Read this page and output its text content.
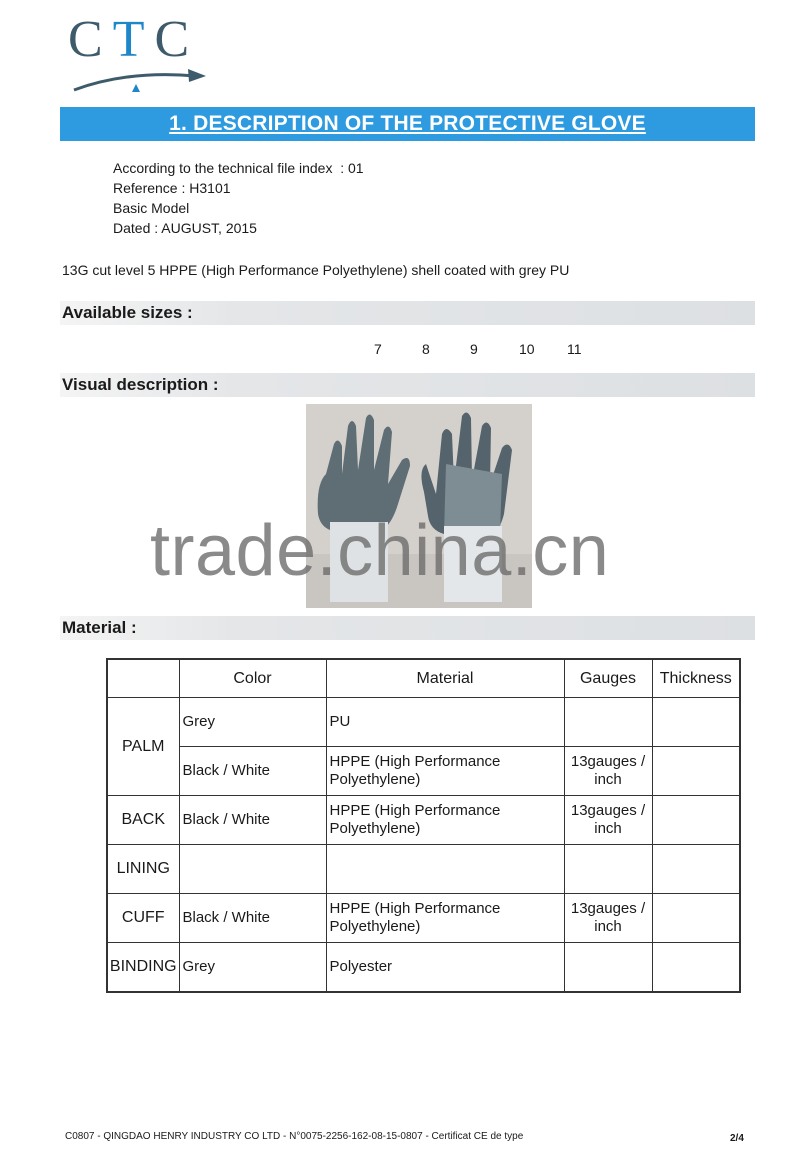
CTC
1. DESCRIPTION OF THE PROTECTIVE GLOVE
According to the technical file index  : 01
Reference : H3101
Basic Model
Dated : AUGUST, 2015
13G cut level 5 HPPE (High Performance Polyethylene) shell coated with grey PU
Available sizes :
7	8	9	10 11
Visual description :
trade.china.cn
Material :
	Color	Material	Gauges	Thickness
PALM	Grey	PU		
	Black / White	HPPE (High Performance Polyethylene)	13gauges / inch	
BACK	Black / White	HPPE (High Performance Polyethylene)	13gauges / inch	
LINING				
CUFF	Black / White	HPPE (High Performance Polyethylene)	13gauges / inch	
BINDING	Grey	Polyester		
C0807 - QINGDAO HENRY INDUSTRY CO LTD - N°0075-2256-162-08-15-0807 - Certificat CE de type	2/4
